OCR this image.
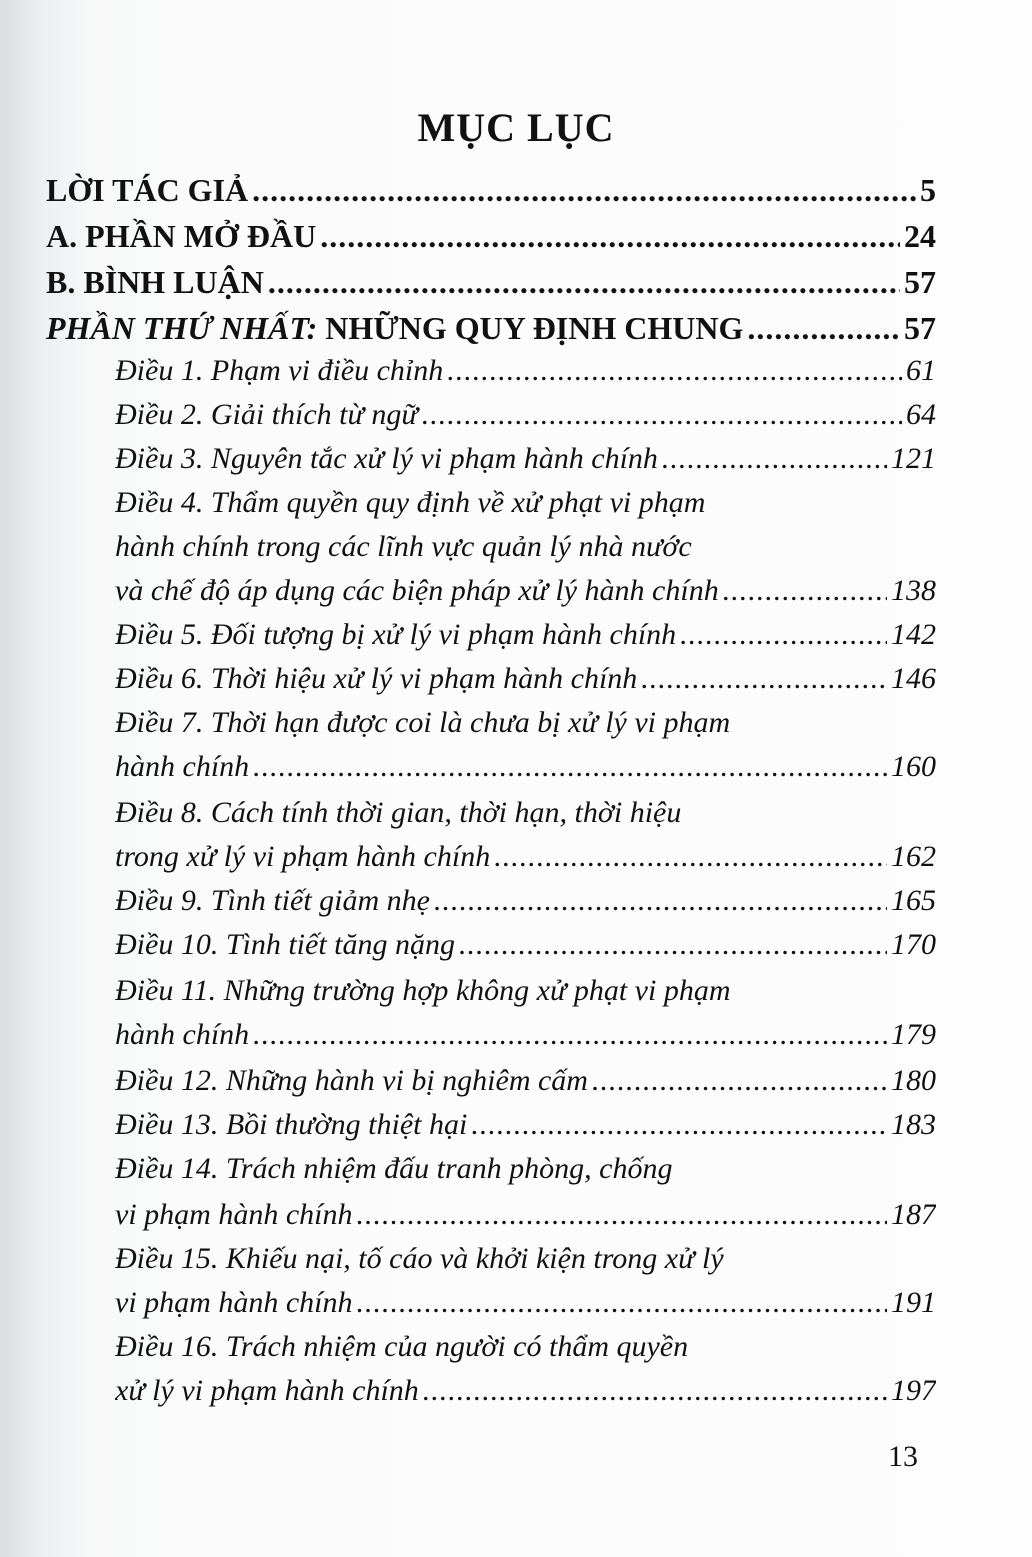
MỤC LỤC
LỜI TÁC GIẢ .....	5
A. PHẦN MỞ ĐẦU .....	24
B. BÌNH LUẬN .....	57
PHẦN THỨ NHẤT: NHỮNG QUY ĐỊNH CHUNG .....	57
Điều 1. Phạm vi điều chỉnh .....	61
Điều 2. Giải thích từ ngữ .....	64
Điều 3. Nguyên tắc xử lý vi phạm hành chính .....	121
Điều 4. Thẩm quyền quy định về xử phạt vi phạm
hành chính trong các lĩnh vực quản lý nhà nước
và chế độ áp dụng các biện pháp xử lý hành chính .....	138
Điều 5. Đối tượng bị xử lý vi phạm hành chính .....	142
Điều 6. Thời hiệu xử lý vi phạm hành chính .....	146
Điều 7. Thời hạn được coi là chưa bị xử lý vi phạm
hành chính .....	160
Điều 8. Cách tính thời gian, thời hạn, thời hiệu
trong xử lý vi phạm hành chính .....	162
Điều 9. Tình tiết giảm nhẹ .....	165
Điều 10. Tình tiết tăng nặng .....	170
Điều 11. Những trường hợp không xử phạt vi phạm
hành chính .....	179
Điều 12. Những hành vi bị nghiêm cấm .....	180
Điều 13. Bồi thường thiệt hại .....	183
Điều 14. Trách nhiệm đấu tranh phòng, chống
vi phạm hành chính .....	187
Điều 15. Khiếu nại, tố cáo và khởi kiện trong xử lý
vi phạm hành chính .....	191
Điều 16. Trách nhiệm của người có thẩm quyền
xử lý vi phạm hành chính .....	197
13
